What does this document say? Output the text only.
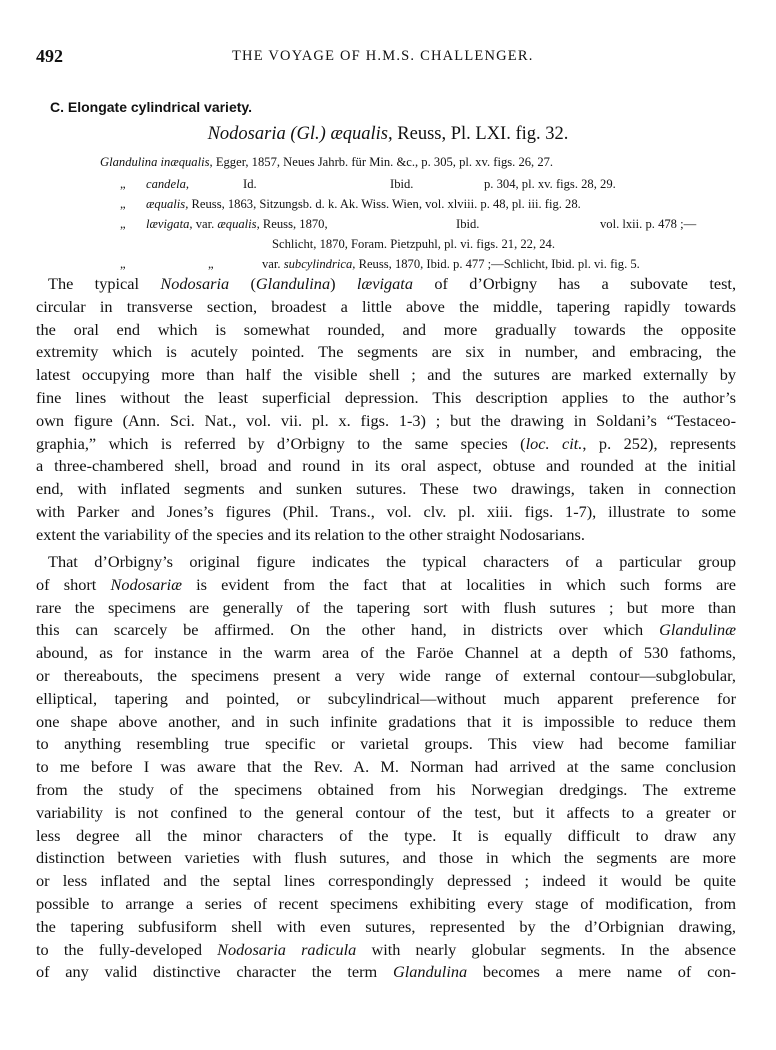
492	THE VOYAGE OF H.M.S. CHALLENGER.
C. Elongate cylindrical variety.
Nodosaria (Gl.) æqualis, Reuss, Pl. LXI. fig. 32.
Glandulina inæqualis, Egger, 1857, Neues Jahrb. für Min. &c., p. 305, pl. xv. figs. 26, 27.
„ candela,	Id.	Ibid.	p. 304, pl. xv. figs. 28, 29.
„ æqualis, Reuss, 1863, Sitzungsb. d. k. Ak. Wiss. Wien, vol. xlviii. p. 48, pl. iii. fig. 28.
„ lævigata, var. æqualis, Reuss, 1870,	Ibid.	vol. lxii. p. 478 ;—
Schlicht, 1870, Foram. Pietzpuhl, pl. vi. figs. 21, 22, 24.
„	„	var. subcylindrica, Reuss, 1870, Ibid. p. 477 ;—Schlicht, Ibid. pl. vi. fig. 5.
The typical Nodosaria (Glandulina) lævigata of d’Orbigny has a subovate test,
circular in transverse section, broadest a little above the middle, tapering rapidly towards
the oral end which is somewhat rounded, and more gradually towards the opposite
extremity which is acutely pointed. The segments are six in number, and embracing, the
latest occupying more than half the visible shell ; and the sutures are marked externally by
fine lines without the least superficial depression. This description applies to the author’s
own figure (Ann. Sci. Nat., vol. vii. pl. x. figs. 1-3) ; but the drawing in Soldani’s “Testaceo-
graphia,” which is referred by d’Orbigny to the same species (loc. cit., p. 252), represents
a three-chambered shell, broad and round in its oral aspect, obtuse and rounded at the initial
end, with inflated segments and sunken sutures. These two drawings, taken in connection
with Parker and Jones’s figures (Phil. Trans., vol. clv. pl. xiii. figs. 1-7), illustrate to some
extent the variability of the species and its relation to the other straight Nodosarians.
That d’Orbigny’s original figure indicates the typical characters of a particular group
of short Nodosariæ is evident from the fact that at localities in which such forms are
rare the specimens are generally of the tapering sort with flush sutures ; but more than
this can scarcely be affirmed. On the other hand, in districts over which Glandulinæ
abound, as for instance in the warm area of the Faröe Channel at a depth of 530 fathoms,
or thereabouts, the specimens present a very wide range of external contour—subglobular,
elliptical, tapering and pointed, or subcylindrical—without much apparent preference for
one shape above another, and in such infinite gradations that it is impossible to reduce them
to anything resembling true specific or varietal groups. This view had become familiar
to me before I was aware that the Rev. A. M. Norman had arrived at the same conclusion
from the study of the specimens obtained from his Norwegian dredgings. The extreme
variability is not confined to the general contour of the test, but it affects to a greater or
less degree all the minor characters of the type. It is equally difficult to draw any
distinction between varieties with flush sutures, and those in which the segments are more
or less inflated and the septal lines correspondingly depressed ; indeed it would be quite
possible to arrange a series of recent specimens exhibiting every stage of modification, from
the tapering subfusiform shell with even sutures, represented by the d’Orbignian drawing,
to the fully-developed Nodosaria radicula with nearly globular segments. In the absence
of any valid distinctive character the term Glandulina becomes a mere name of con-
